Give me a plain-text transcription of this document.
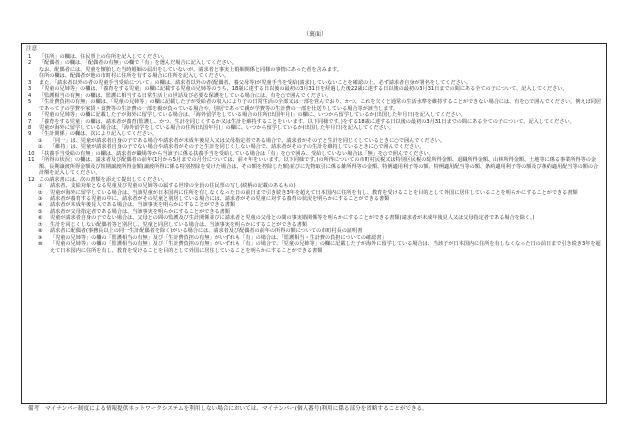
（裏面）
注意
1 「住所」の欄は、住民票上の住所を記入してください。
2 「配偶者」の欄は、「配偶者の有無」の欄で「有」を選んだ場合に記入してください。
なお、配偶者には、児童を懐胎した当時婚姻の届出をしていないが、請求者と事実上婚姻関係と同様の事情にあった者を含みます。
住所の欄は、配偶者が他の市町村に住所を有する場合に住所を記入してください。
3 また、「請求者以外の者の児童手当受給について」の欄は、請求者以外の者(配偶者、養父母等)が児童手当を受給(請求)していないことを確認の上、必ず請求者自身が署名をしてください。
3 「児童の兄姉等」の欄は、「養育をする児童」の欄に記載する児童の兄姉等のうち、18歳に達する日以後の最初の3月31日を経過した後22歳に達する日以後の最初の3月31日までの間にある全ての子について、記入してください。
4 「監護相当の有無」の欄は、監護に相当する日常生活上の世話及び必要な保護をしている場合には、有を○で囲んでください。
5 「生計費負担の有無」の欄は、「児童の兄姉等」の欄に記載した子が受給者の収入により子の日常生活の全部又は一部を営んでおり、かつ、これを欠くと通常の生活水準を維持することができない場合には、有を○で囲んでください。例えば同居であって子の学費や家賃・食費等の生計費の一部を親が負っている場合や、別居であって親が学費等の生計費の一部を仕送りしている場合等が該当します。
6 「児童の兄姉等」の欄に記載した子が海外に留学している場合は、「海外留学をしている場合の住所(出国年月)」の欄に、いつから留学しているか(出国した年月日)を記入してください。
7 「養育をする児童」の欄は、請求者が養育(監護し、かつ、生計を同じくするか又は生計を維持することをいいます。以下同様です。)をする18歳に達する日以後の最初の3月31日までの間にある全ての子について、記入してください。
8 児童が海外に留学している場合は、「海外留学をしている場合の住所(出国年月)」の欄に、いつから留学しているか(出国した年月日)を記入してください。
9 「生計関係」の欄は、次により記入してください。
① 「同一」は、児童が請求者自身の子である場合や請求者が未成年後見人又は父母指定者である場合で、請求者がその子と生計を同じくしているときに○で囲んでください。
② 「維持」は、児童が請求者自身の子でない場合や請求者がその子と生計を同じくしない場合で、請求者がその子の生計を維持しているときに○で囲んでください。
10 「扶養手当受給の有無」の欄は、請求者が職場等から当該子に係る扶養手当を受給している場合は「有」を○で囲み、受給していない場合は「無」を○で囲んでください。
11 「所得の状況」の欄は、請求者及び配偶者の前年(1月から5月までの月分については、前々年をいいます。以下同様です。)の所得についての市町村民税又は特別区民税の総所得金額、退職所得金額、山林所得金額、土地等に係る事業所得等の金額、長期譲渡所得金額及び短期譲渡所得金額(譲渡所得に係る特別控除を受けた場合は、その額を控除した額)並びに先物取引に係る雑所得等の金額、特例適用利子等の額、特例適用配当等の額、条約適用利子等の額及び条約適用配当等の額の合計額を記入してください。
12 この請求書には、次の書類を添えて提出してください。
① 請求者、支給対象となる児童及び児童の兄姉等の属する世帯の全員の住民票の写し(続柄の記載のあるもの)
② 児童が海外に留学している場合は、当該児童が日本国内に住所を有しなくなった日の前日まで引き続き3年を超えて日本国内に住所を有し、教育を受けることを目的として外国に居住していることを明らかにすることができる書類
③ 請求者が養育する児童の中に、請求者がその児童と別居している場合には、請求者がその児童に対する養育の状況を明らかにすることができる書類
④ 請求者が未成年後見人である場合は、当該事実を明らかにすることができる書類
⑤ 請求者が父母指定者である場合は、当該事実を明らかにすることができる書類
⑥ 児童が請求者自身の子でない場合は、父母との間の監護及び生計関係並びに請求者と児童の父母との間の事実婚関係等を明らかにすることができる書類(請求者が未成年後見人又は父母指定者である場合を除く。)
⑦ 生計を同じくしない配偶者等と別居し、児童と同居している場合は、当該事実を明らかにすることができる書類
⑧ 請求者に配偶者(事務長以上の同一生計配偶者を除く)がいる場合には、請求者及び配偶者の前年の所得の額についての市町村長の証明書
⑨ 「児童の兄姉等」の欄の「監護相当の有無」及び「生計費負担の有無」がいずれも「有」の場合は、「監護相当・生計費の負担についての確認書」
⑩ 「児童の兄姉等」の欄の「監護相当の有無」及び「生計費負担の有無」がいずれも「有」の場合で、「児童の兄姉等」の欄に記載した子が海外に留学している場合は、当該子が日本国内に住所を有しなくなった日の前日まで引き続き3年を超えて日本国内に住所を有し、教育を受けることを目的として外国に居住していることを明らかにすることができる書類
備考 マイナンバー制度による情報提供ネットワークシステムを利用しない場合においては、マイナンバー(個人番号)利用に係る部分を省略することができる。
